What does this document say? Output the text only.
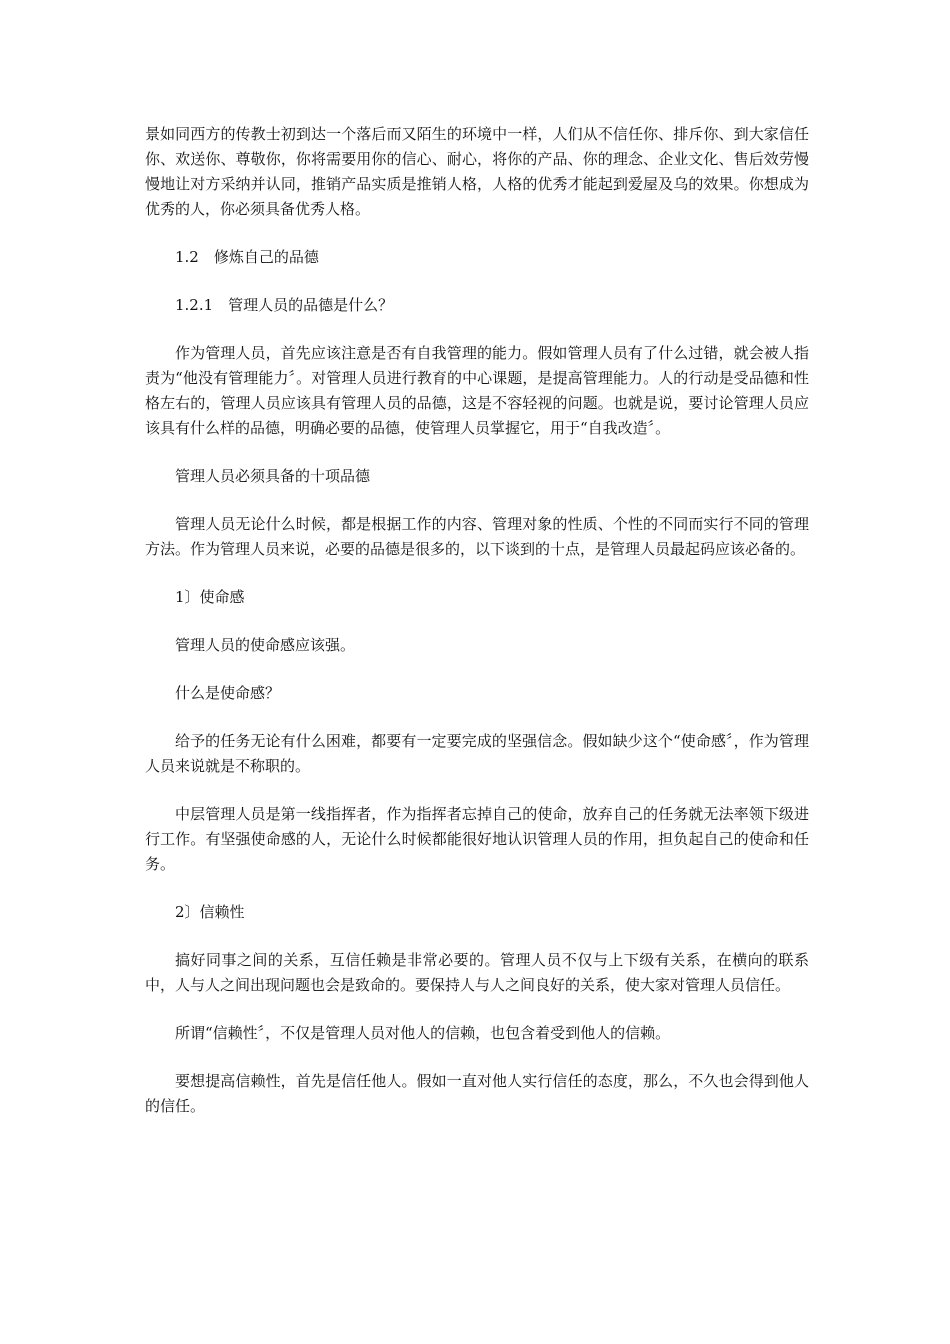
景如同西方的传教士初到达一个落后而又陌生的环境中一样，人们从不信任你、排斥你、到大家信任你、欢送你、尊敬你，你将需要用你的信心、耐心，将你的产品、你的理念、企业文化、售后效劳慢慢地让对方采纳并认同，推销产品实质是推销人格，人格的优秀才能起到爱屋及乌的效果。你想成为优秀的人，你必须具备优秀人格。

1.2　修炼自己的品德

1.2.1　管理人员的品德是什么？

作为管理人员，首先应该注意是否有自我管理的能力。假如管理人员有了什么过错，就会被人指责为“他没有管理能力〞。对管理人员进行教育的中心课题，是提高管理能力。人的行动是受品德和性格左右的，管理人员应该具有管理人员的品德，这是不容轻视的问题。也就是说，要讨论管理人员应该具有什么样的品德，明确必要的品德，使管理人员掌握它，用于“自我改造〞。

管理人员必须具备的十项品德

管理人员无论什么时候，都是根据工作的内容、管理对象的性质、个性的不同而实行不同的管理方法。作为管理人员来说，必要的品德是很多的，以下谈到的十点，是管理人员最起码应该必备的。

1〕使命感

管理人员的使命感应该强。

什么是使命感？

给予的任务无论有什么困难，都要有一定要完成的坚强信念。假如缺少这个“使命感〞，作为管理人员来说就是不称职的。

中层管理人员是第一线指挥者，作为指挥者忘掉自己的使命，放弃自己的任务就无法率领下级进行工作。有坚强使命感的人，无论什么时候都能很好地认识管理人员的作用，担负起自己的使命和任务。

2〕信赖性

搞好同事之间的关系，互信任赖是非常必要的。管理人员不仅与上下级有关系，在横向的联系中，人与人之间出现问题也会是致命的。要保持人与人之间良好的关系，使大家对管理人员信任。

所谓“信赖性〞，不仅是管理人员对他人的信赖，也包含着受到他人的信赖。

要想提高信赖性，首先是信任他人。假如一直对他人实行信任的态度，那么，不久也会得到他人的信任。
